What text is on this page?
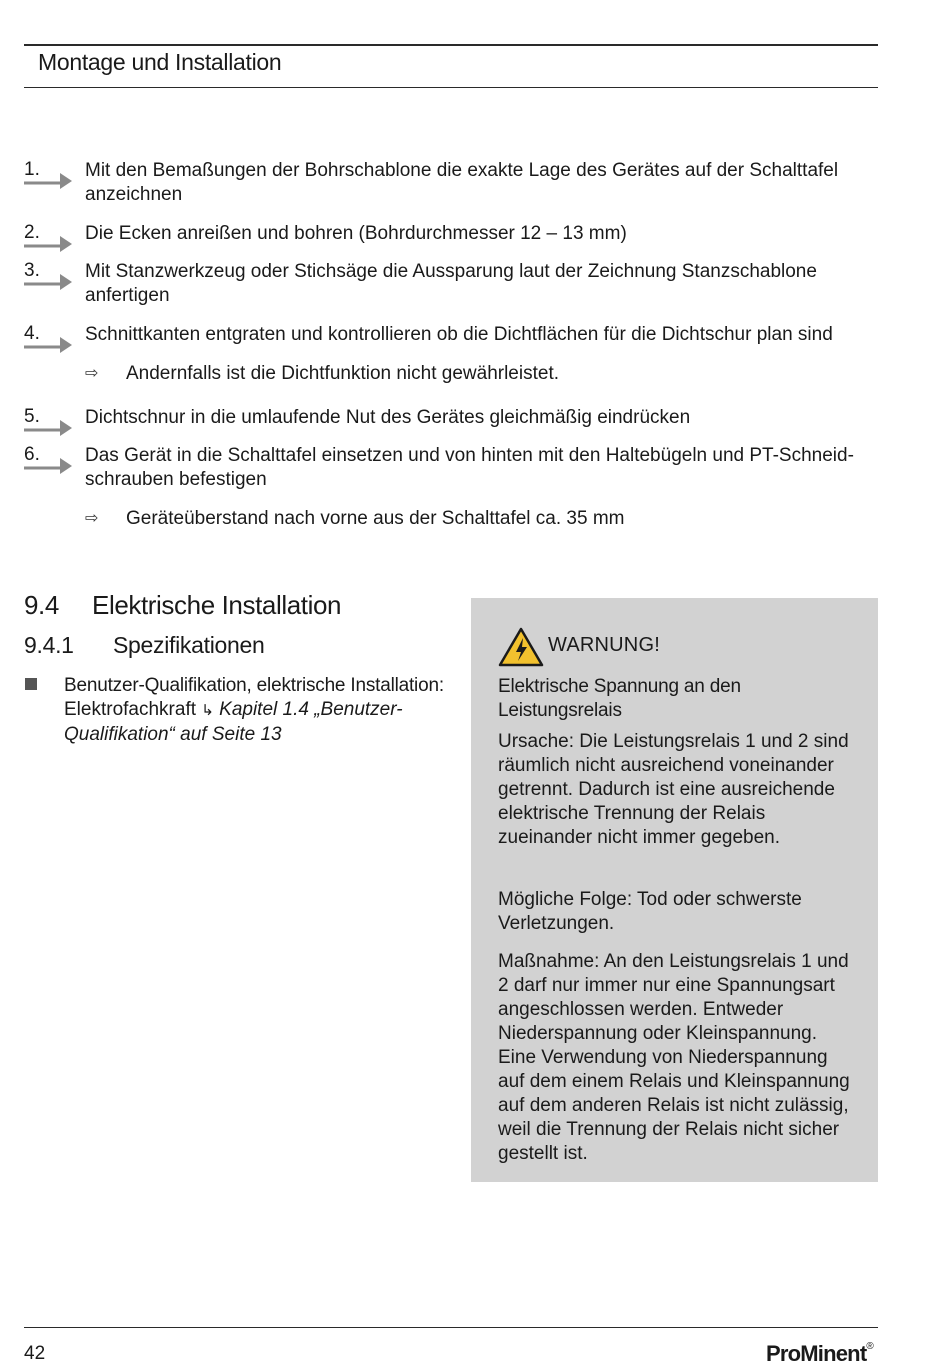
Montage und Installation
1.	Mit den Bemaßungen der Bohrschablone die exakte Lage des Gerätes auf der Schalttafel anzeichnen
2.	Die Ecken anreißen und bohren (Bohrdurchmesser 12 – 13 mm)
3.	Mit Stanzwerkzeug oder Stichsäge die Aussparung laut der Zeichnung Stanzschablone anfertigen
4.	Schnittkanten entgraten und kontrollieren ob die Dichtflächen für die Dichtschur plan sind
⇨ Andernfalls ist die Dichtfunktion nicht gewährleistet.
5.	Dichtschnur in die umlaufende Nut des Gerätes gleichmäßig eindrücken
6.	Das Gerät in die Schalttafel einsetzen und von hinten mit den Haltebügeln und PT-Schneid-schrauben befestigen
⇨ Geräteüberstand nach vorne aus der Schalttafel ca. 35 mm
9.4 Elektrische Installation
9.4.1 Spezifikationen
Benutzer-Qualifikation, elektrische Installation: Elektrofachkraft ↳ Kapitel 1.4 „Benutzer-Qualifikation“ auf Seite 13
WARNUNG!
Elektrische Spannung an den Leistungsrelais
Ursache: Die Leistungsrelais 1 und 2 sind räumlich nicht ausreichend voneinander getrennt. Dadurch ist eine ausreichende elektrische Trennung der Relais zueinander nicht immer gegeben.
Mögliche Folge: Tod oder schwerste Verletzungen.
Maßnahme: An den Leistungsrelais 1 und 2 darf nur immer nur eine Spannungsart angeschlossen werden. Entweder Niederspannung oder Kleinspannung. Eine Verwendung von Niederspannung auf dem einem Relais und Kleinspannung auf dem anderen Relais ist nicht zulässig, weil die Trennung der Relais nicht sicher gestellt ist.
42	ProMinent®
